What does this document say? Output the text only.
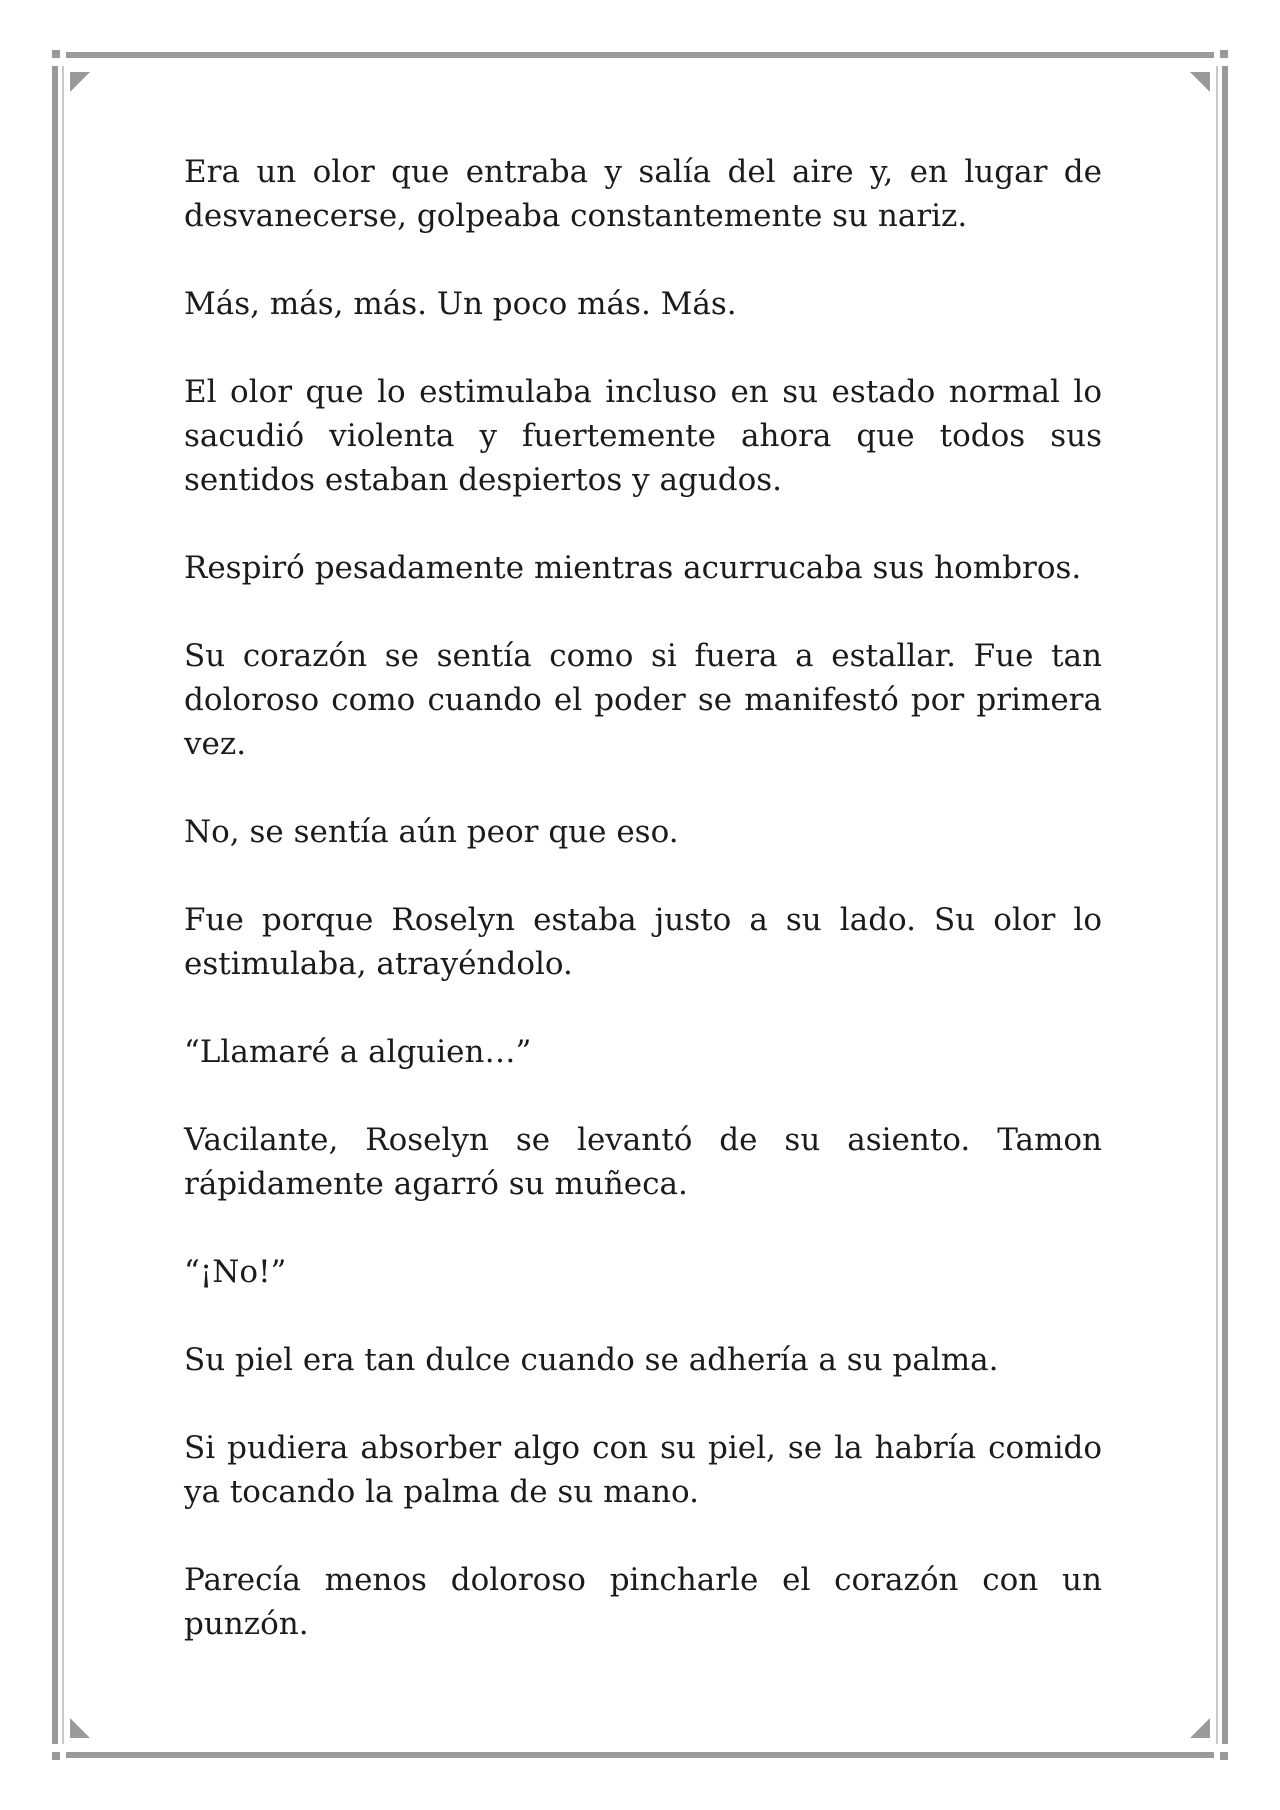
Era un olor que entraba y salía del aire y, en lugar de desvanecerse, golpeaba constantemente su nariz.

Más, más, más. Un poco más. Más.

El olor que lo estimulaba incluso en su estado normal lo sacudió violenta y fuertemente ahora que todos sus sentidos estaban despiertos y agudos.

Respiró pesadamente mientras acurrucaba sus hombros.

Su corazón se sentía como si fuera a estallar. Fue tan doloroso como cuando el poder se manifestó por primera vez.

No, se sentía aún peor que eso.

Fue porque Roselyn estaba justo a su lado. Su olor lo estimulaba, atrayéndolo.

“Llamaré a alguien…”

Vacilante, Roselyn se levantó de su asiento. Tamon rápidamente agarró su muñeca.

“¡No!”

Su piel era tan dulce cuando se adhería a su palma.

Si pudiera absorber algo con su piel, se la habría comido ya tocando la palma de su mano.

Parecía menos doloroso pincharle el corazón con un punzón.
